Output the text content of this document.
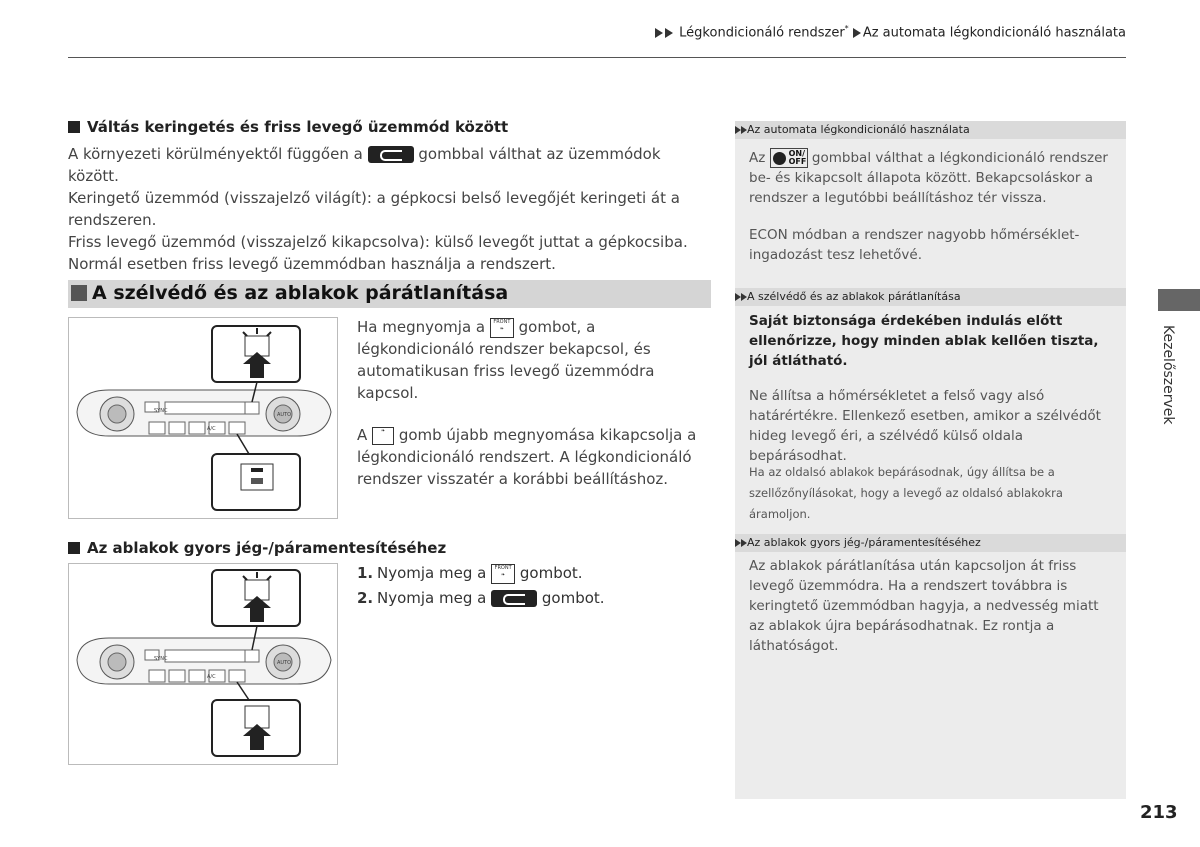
Légkondicionáló rendszer* Az automata légkondicionáló használata
Váltás keringetés és friss levegő üzemmód között

A környezeti körülményektől függően a	gombbal válthat az üzemmódok között.

Keringető üzemmód (visszajelző világít): a gépkocsi belső levegőjét keringeti át a rendszeren.

Friss levegő üzemmód (visszajelző kikapcsolva): külső levegőt juttat a gépkocsiba. Normál esetben friss levegő üzemmódban használja a rendszert.

A szélvédő és az ablakok párátlanítása
SYNC
AUTO
A/C

Ha megnyomja a FRONT
❧ gombot, a légkondicionáló rendszer bekapcsol, és automatikusan friss levegő üzemmódra kapcsol.

A	❧ gomb újabb megnyomása kikapcsolja a légkondicionáló rendszert. A légkondicionáló rendszer visszatér a korábbi beállításhoz.

Az ablakok gyors jég-/páramentesítéséhez
SYNC
AUTO
A/C
1. Nyomja meg a FRONT
❧ gombot.
2. Nyomja meg a	gombot.
Az automata légkondicionáló használata

Az	ON/
OFF gombbal válthat a légkondicionáló rendszer be- és kikapcsolt állapota között. Bekapcsoláskor a rendszer a legutóbbi beállításhoz tér vissza.

ECON módban a rendszer nagyobb hőmérséklet-ingadozást tesz lehetővé.

A szélvédő és az ablakok párátlanítása
Saját biztonsága érdekében indulás előtt ellenőrizze, hogy minden ablak kellően tiszta, jól átlátható.
Ne állítsa a hőmérsékletet a felső vagy alsó határértékre. Ellenkező esetben, amikor a szélvédőt hideg levegő éri, a szélvédő külső oldala bepárásodhat.
Ha az oldalsó ablakok bepárásodnak, úgy állítsa be a szellőzőnyílásokat, hogy a levegő az oldalsó ablakokra áramoljon.
Az ablakok gyors jég-/páramentesítéséhez
Az ablakok párátlanítása után kapcsoljon át friss levegő üzemmódra. Ha a rendszert továbbra is keringtető üzemmódban hagyja, a nedvesség miatt az ablakok újra bepárásodhatnak. Ez rontja a láthatóságot.
Kezelőszervek
213
